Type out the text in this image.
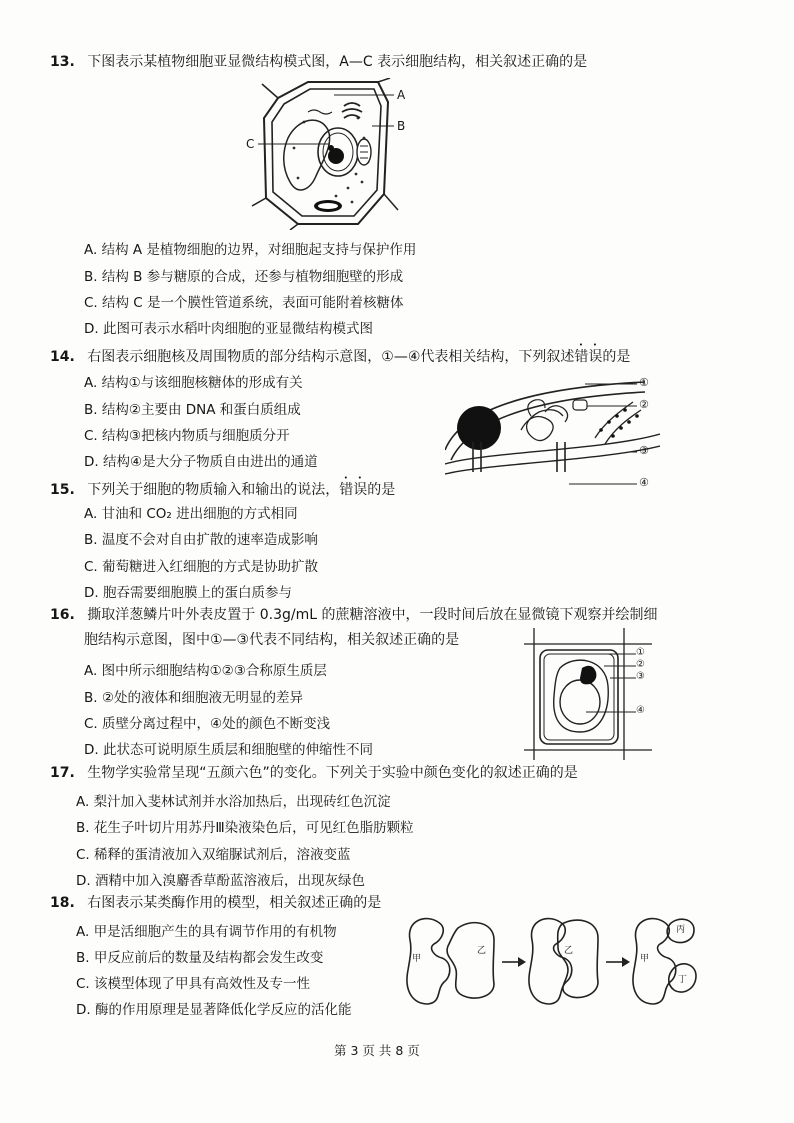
13. 下图表示某植物细胞亚显微结构模式图，A—C 表示细胞结构，相关叙述正确的是
A
B
C
A. 结构 A 是植物细胞的边界，对细胞起支持与保护作用
B. 结构 B 参与糖原的合成，还参与植物细胞壁的形成
C. 结构 C 是一个膜性管道系统，表面可能附着核糖体
D. 此图可表示水稻叶肉细胞的亚显微结构模式图
14. 右图表示细胞核及周围物质的部分结构示意图，①—④代表相关结构，下列叙述错误的是
A. 结构①与该细胞核糖体的形成有关
B. 结构②主要由 DNA 和蛋白质组成
C. 结构③把核内物质与细胞质分开
D. 结构④是大分子物质自由进出的通道
①
②
③
④
15. 下列关于细胞的物质输入和输出的说法，错误的是
A. 甘油和 CO₂ 进出细胞的方式相同
B. 温度不会对自由扩散的速率造成影响
C. 葡萄糖进入红细胞的方式是协助扩散
D. 胞吞需要细胞膜上的蛋白质参与
16. 撕取洋葱鳞片叶外表皮置于 0.3g/mL 的蔗糖溶液中，一段时间后放在显微镜下观察并绘制细
胞结构示意图，图中①—③代表不同结构，相关叙述正确的是
A. 图中所示细胞结构①②③合称原生质层
B. ②处的液体和细胞液无明显的差异
C. 质壁分离过程中，④处的颜色不断变浅
D. 此状态可说明原生质层和细胞壁的伸缩性不同
①
②
③
④
17. 生物学实验常呈现“五颜六色”的变化。下列关于实验中颜色变化的叙述正确的是
A. 梨汁加入斐林试剂并水浴加热后，出现砖红色沉淀
B. 花生子叶切片用苏丹Ⅲ染液染色后，可见红色脂肪颗粒
C. 稀释的蛋清液加入双缩脲试剂后，溶液变蓝
D. 酒精中加入溴麝香草酚蓝溶液后，出现灰绿色
18. 右图表示某类酶作用的模型，相关叙述正确的是
A. 甲是活细胞产生的具有调节作用的有机物
B. 甲反应前后的数量及结构都会发生改变
C. 该模型体现了甲具有高效性及专一性
D. 酶的作用原理是显著降低化学反应的活化能
甲
乙	乙
甲
丙
丁
第 3 页 共 8 页
